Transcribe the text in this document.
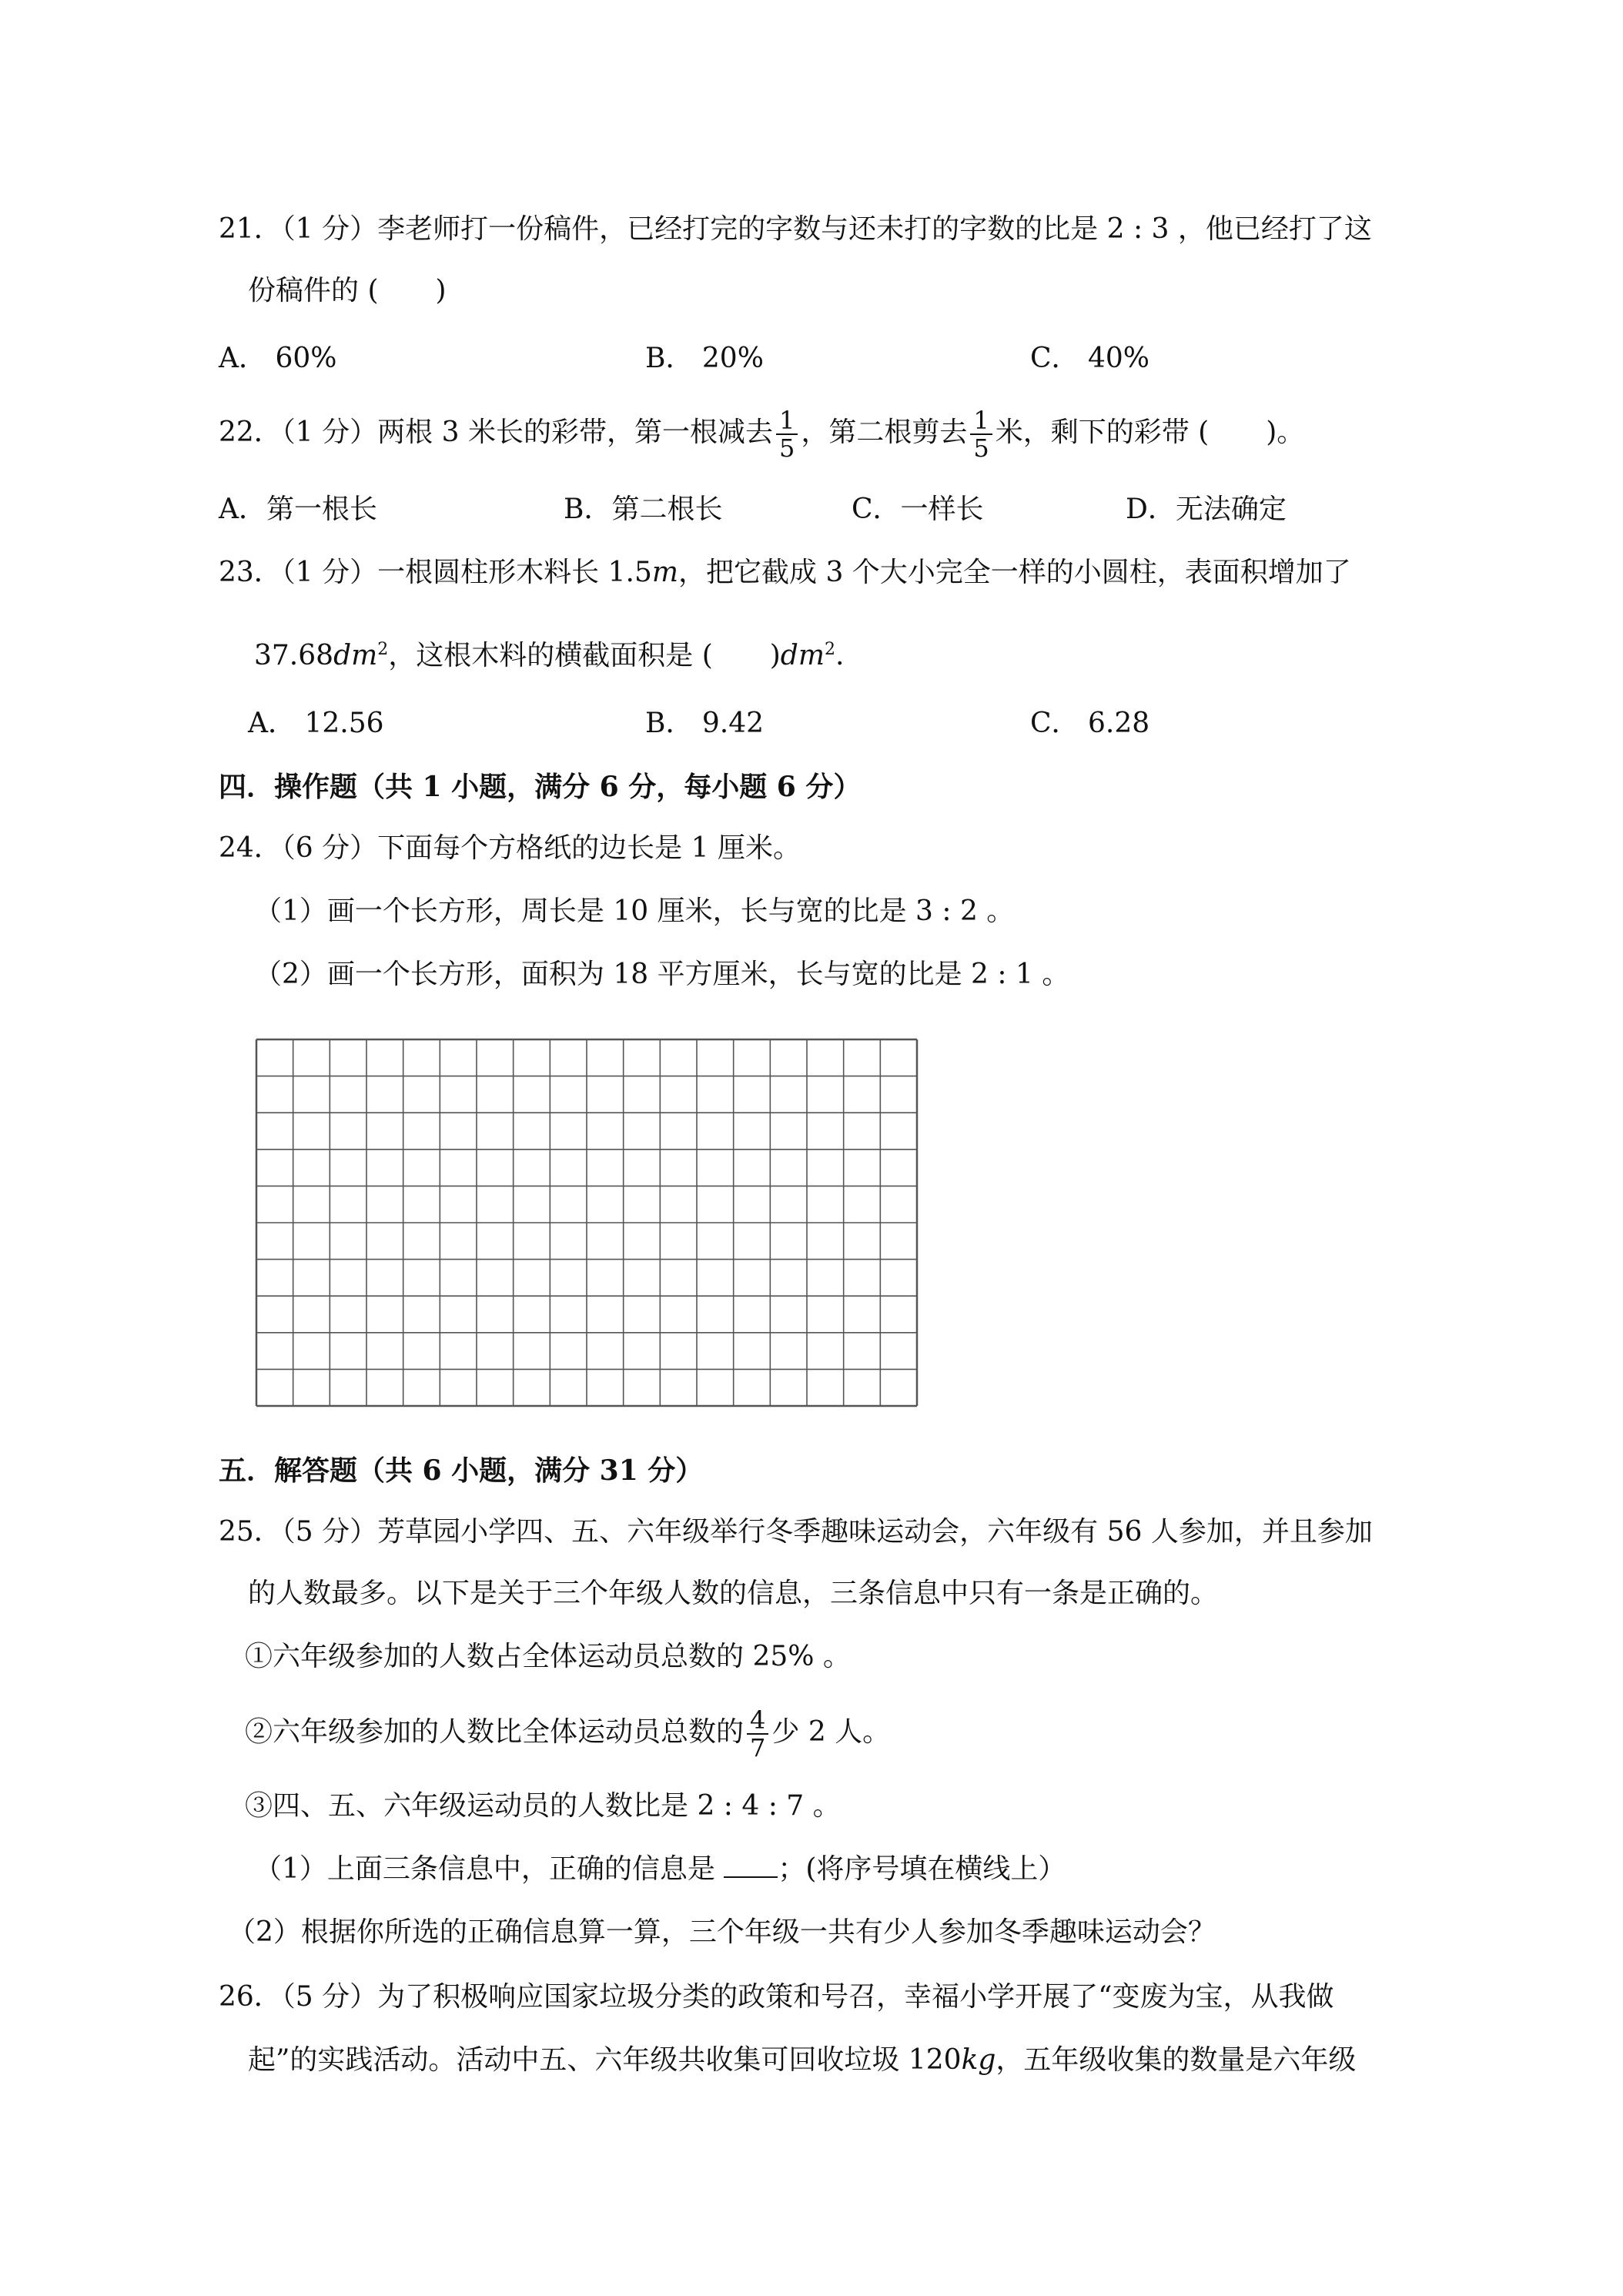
21．（1 分）李老师打一份稿件，已经打完的字数与还未打的字数的比是 2 : 3 ，他已经打了这
份稿件的 ( )
A． 60%	B． 20%	C． 40%
22．（1 分）两根 3 米长的彩带，第一根减去 $\frac{1}{5}$ ，第二根剪去 $\frac{1}{5}$ 米，剩下的彩带 ( )。
A．第一根长	B．第二根长	C．一样长	D．无法确定
23．（1 分）一根圆柱形木料长 1.5m，把它截成 3 个大小完全一样的小圆柱，表面积增加了
$37.68dm^2$，这根木料的横截面积是 ( )$dm^2$.
A． 12.56	B． 9.42	C． 6.28
四．操作题（共 1 小题，满分 6 分，每小题 6 分）
24．（6 分）下面每个方格纸的边长是 1 厘米。
（1）画一个长方形，周长是 10 厘米，长与宽的比是 3 : 2 。
（2）画一个长方形，面积为 18 平方厘米，长与宽的比是 2 : 1 。
五．解答题（共 6 小题，满分 31 分）
25．（5 分）芳草园小学四、五、六年级举行冬季趣味运动会，六年级有 56 人参加，并且参加
的人数最多。以下是关于三个年级人数的信息，三条信息中只有一条是正确的。
①六年级参加的人数占全体运动员总数的 25% 。
②六年级参加的人数比全体运动员总数的 $\frac{4}{7}$ 少 2 人。
③四、五、六年级运动员的人数比是 2 : 4 : 7 。
（1）上面三条信息中，正确的信息是 ；(将序号填在横线上）
（2）根据你所选的正确信息算一算，三个年级一共有少人参加冬季趣味运动会？
26．（5 分）为了积极响应国家垃圾分类的政策和号召，幸福小学开展了“变废为宝，从我做
起”的实践活动。活动中五、六年级共收集可回收垃圾 120kg，五年级收集的数量是六年级
